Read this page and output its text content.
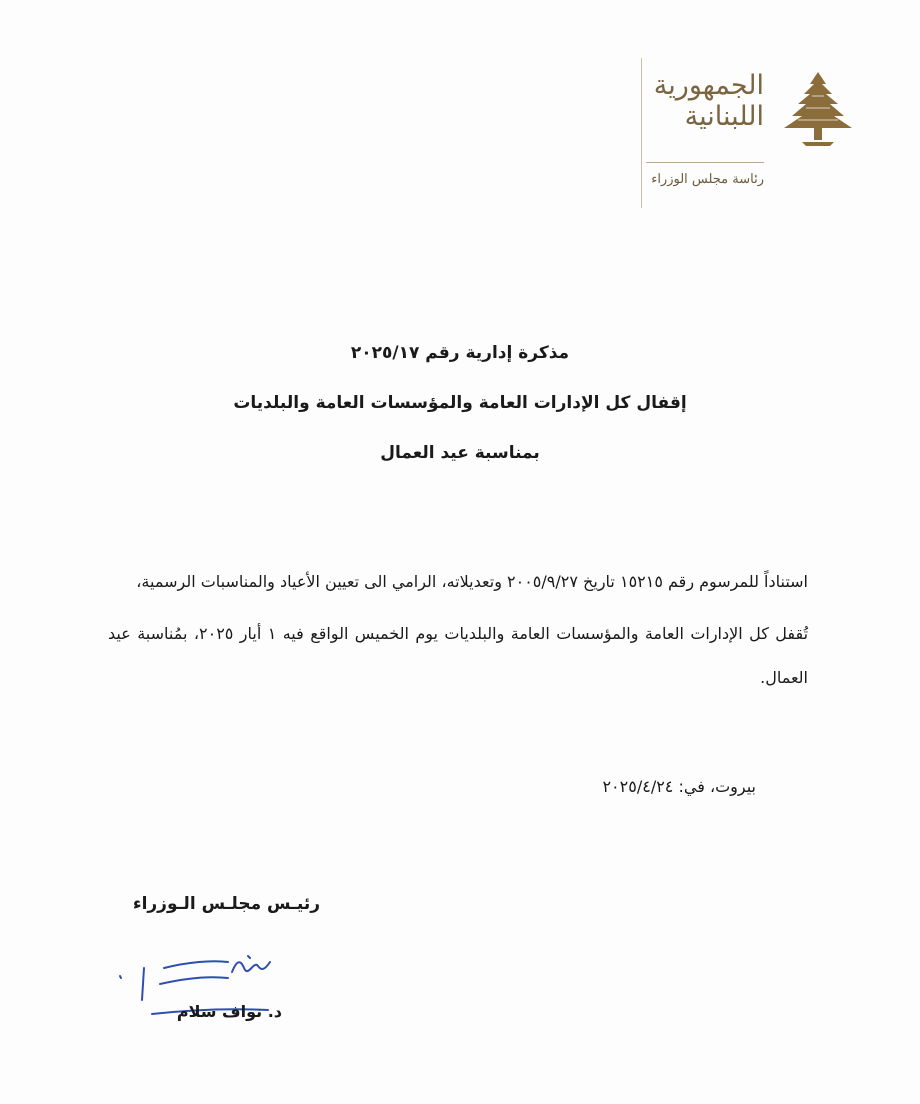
الجمهورية
اللبنانية
رئاسة مجلس الوزراء
مذكرة إدارية رقم ٢٠٢٥/١٧
إقفال كل الإدارات العامة والمؤسسات العامة والبلديات
بمناسبة عيد العمال

استناداً للمرسوم رقم ١٥٢١٥ تاريخ ٢٠٠٥/٩/٢٧ وتعديلاته، الرامي الى تعيين الأعياد والمناسبات الرسمية،

تُقفل كل الإدارات العامة والمؤسسات العامة والبلديات يوم الخميس الواقع فيه ١ أيار ٢٠٢٥، بمُناسبة عيد العمال.

بيروت، في: ٢٠٢٥/٤/٢٤
رئيـس مجلـس الـوزراء
د. نواف سلام
